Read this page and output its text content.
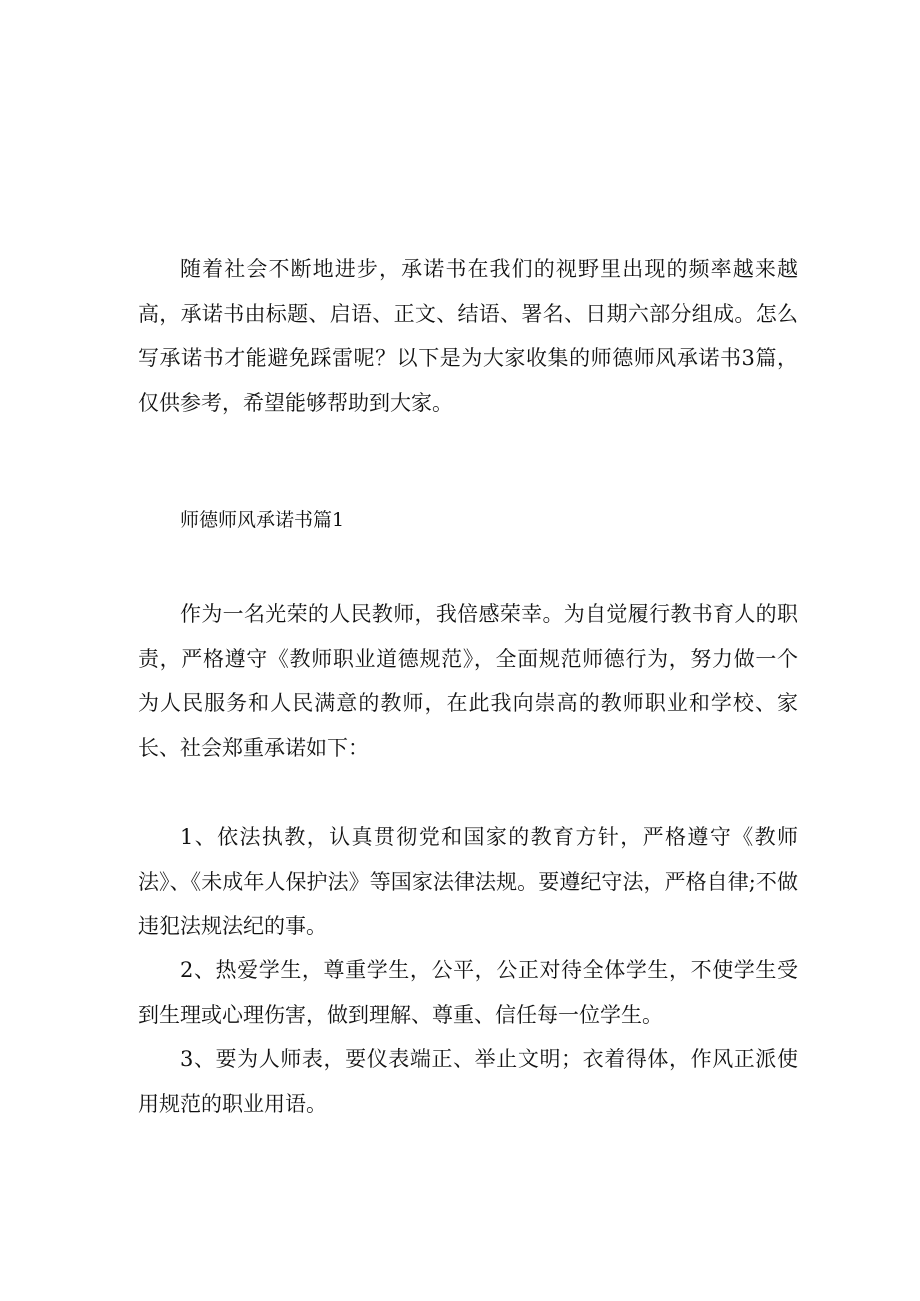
随着社会不断地进步，承诺书在我们的视野里出现的频率越来越高，承诺书由标题、启语、正文、结语、署名、日期六部分组成。怎么写承诺书才能避免踩雷呢？以下是为大家收集的师德师风承诺书3篇，仅供参考，希望能够帮助到大家。

师德师风承诺书篇1

作为一名光荣的人民教师，我倍感荣幸。为自觉履行教书育人的职责，严格遵守《教师职业道德规范》，全面规范师德行为，努力做一个为人民服务和人民满意的教师，在此我向崇高的教师职业和学校、家长、社会郑重承诺如下：

1、依法执教，认真贯彻党和国家的教育方针，严格遵守《教师法》、《未成年人保护法》等国家法律法规。要遵纪守法，严格自律;不做违犯法规法纪的事。

2、热爱学生，尊重学生，公平，公正对待全体学生，不使学生受到生理或心理伤害，做到理解、尊重、信任每一位学生。

3、要为人师表，要仪表端正、举止文明；衣着得体，作风正派使用规范的职业用语。
